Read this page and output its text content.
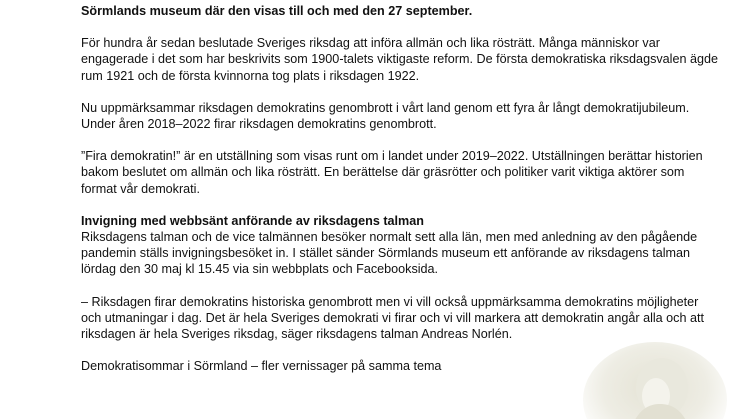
Sörmlands museum där den visas till och med den 27 september.

För hundra år sedan beslutade Sveriges riksdag att införa allmän och lika rösträtt. Många människor var engagerade i det som har beskrivits som 1900-talets viktigaste reform. De första demokratiska riksdagsvalen ägde rum 1921 och de första kvinnorna tog plats i riksdagen 1922.

Nu uppmärksammar riksdagen demokratins genombrott i vårt land genom ett fyra år långt demokratijubileum. Under åren 2018–2022 firar riksdagen demokratins genombrott.

”Fira demokratin!” är en utställning som visas runt om i landet under 2019–2022. Utställningen berättar historien bakom beslutet om allmän och lika rösträtt. En berättelse där gräsrötter och politiker varit viktiga aktörer som format vår demokrati.

Invigning med webbsänt anförande av riksdagens talman

Riksdagens talman och de vice talmännen besöker normalt sett alla län, men med anledning av den pågående pandemin ställs invigningsbesöket in. I stället sänder Sörmlands museum ett anförande av riksdagens talman lördag den 30 maj kl 15.45 via sin webbplats och Facebooksida.

– Riksdagen firar demokratins historiska genombrott men vi vill också uppmärksamma demokratins möjligheter och utmaningar i dag. Det är hela Sveriges demokrati vi firar och vi vill markera att demokratin angår alla och att riksdagen är hela Sveriges riksdag, säger riksdagens talman Andreas Norlén.

Demokratisommar i Sörmland – fler vernissager på samma tema
